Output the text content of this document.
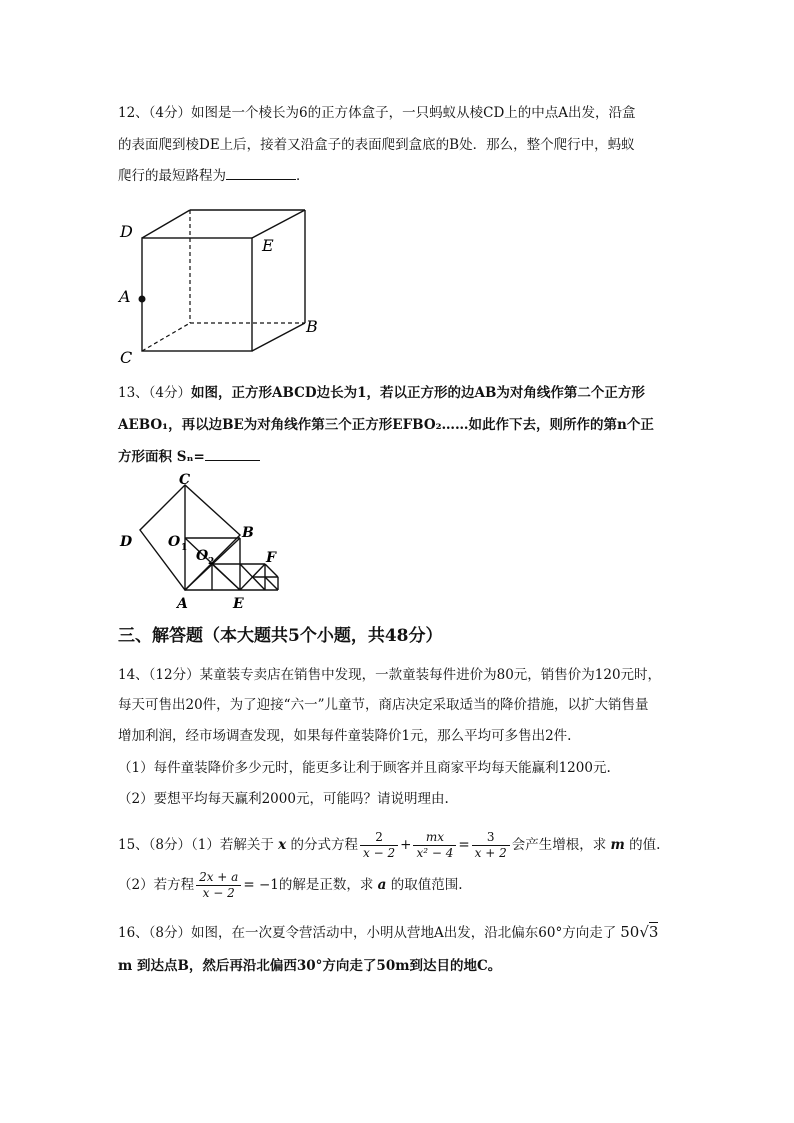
12、（4分）如图是一个棱长为6的正方体盒子，一只蚂蚁从棱CD上的中点A出发，沿盒
的表面爬到棱DE上后，接着又沿盒子的表面爬到盒底的B处．那么，整个爬行中，蚂蚁
爬行的最短路程为	．
D
E
A
B
C
13、（4分）如图，正方形ABCD边长为1，若以正方形的边AB为对角线作第二个正方形
AEBO₁，再以边BE为对角线作第三个正方形EFBO₂……如此作下去，则所作的第n个正
方形面积 Sₙ=
C
D	O 1 O 2
B
F
A	E
三、解答题（本大题共5个小题，共48分）
14、（12分）某童装专卖店在销售中发现，一款童装每件进价为80元，销售价为120元时，
每天可售出20件，为了迎接“六一”儿童节，商店决定采取适当的降价措施，以扩大销售量
增加利润，经市场调查发现，如果每件童装降价1元，那么平均可多售出2件.
（1）每件童装降价多少元时，能更多让利于顾客并且商家平均每天能赢利1200元.
（2）要想平均每天赢利2000元，可能吗？请说明理由.
15、（8分）（1）若解关于 x 的分式方程 $\frac{2}{x - 2} + \frac{mx}{\text{x² − 4}} = \frac{3}{x + 2}$ 会产生增根，求 m 的值.
（2）若方程 $\frac{2x + a}{x - 2} = -1$的解是正数，求 a 的取值范围.
16、（8分）如图，在一次夏令营活动中，小明从营地A出发，沿北偏东60°方向走了 50√3
m 到达点B，然后再沿北偏西30°方向走了50m到达目的地C。
